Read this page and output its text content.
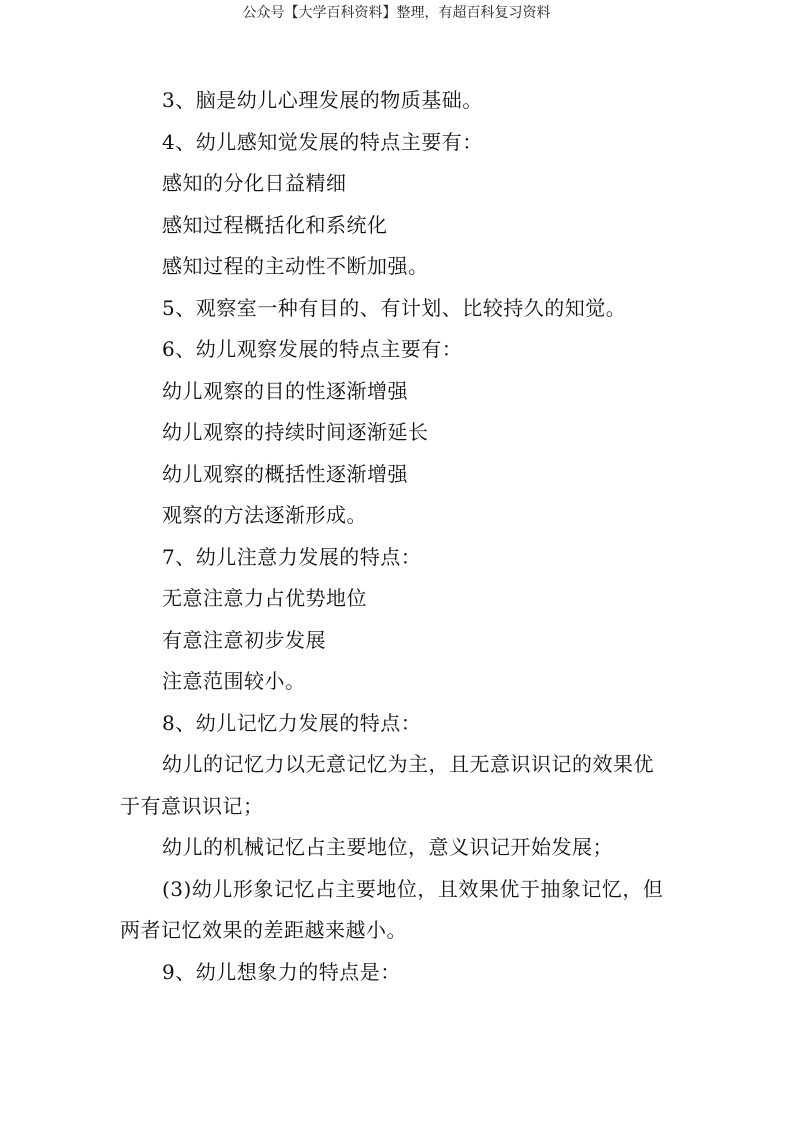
公众号【大学百科资料】整理，有超百科复习资料

3、脑是幼儿心理发展的物质基础。

4、幼儿感知觉发展的特点主要有：

感知的分化日益精细

感知过程概括化和系统化

感知过程的主动性不断加强。

5、观察室一种有目的、有计划、比较持久的知觉。

6、幼儿观察发展的特点主要有：

幼儿观察的目的性逐渐增强

幼儿观察的持续时间逐渐延长

幼儿观察的概括性逐渐增强

观察的方法逐渐形成。

7、幼儿注意力发展的特点：

无意注意力占优势地位

有意注意初步发展

注意范围较小。

8、幼儿记忆力发展的特点：

幼儿的记忆力以无意记忆为主，且无意识识记的效果优于有意识识记；

幼儿的机械记忆占主要地位，意义识记开始发展；

(3)幼儿形象记忆占主要地位，且效果优于抽象记忆，但两者记忆效果的差距越来越小。

9、幼儿想象力的特点是：
